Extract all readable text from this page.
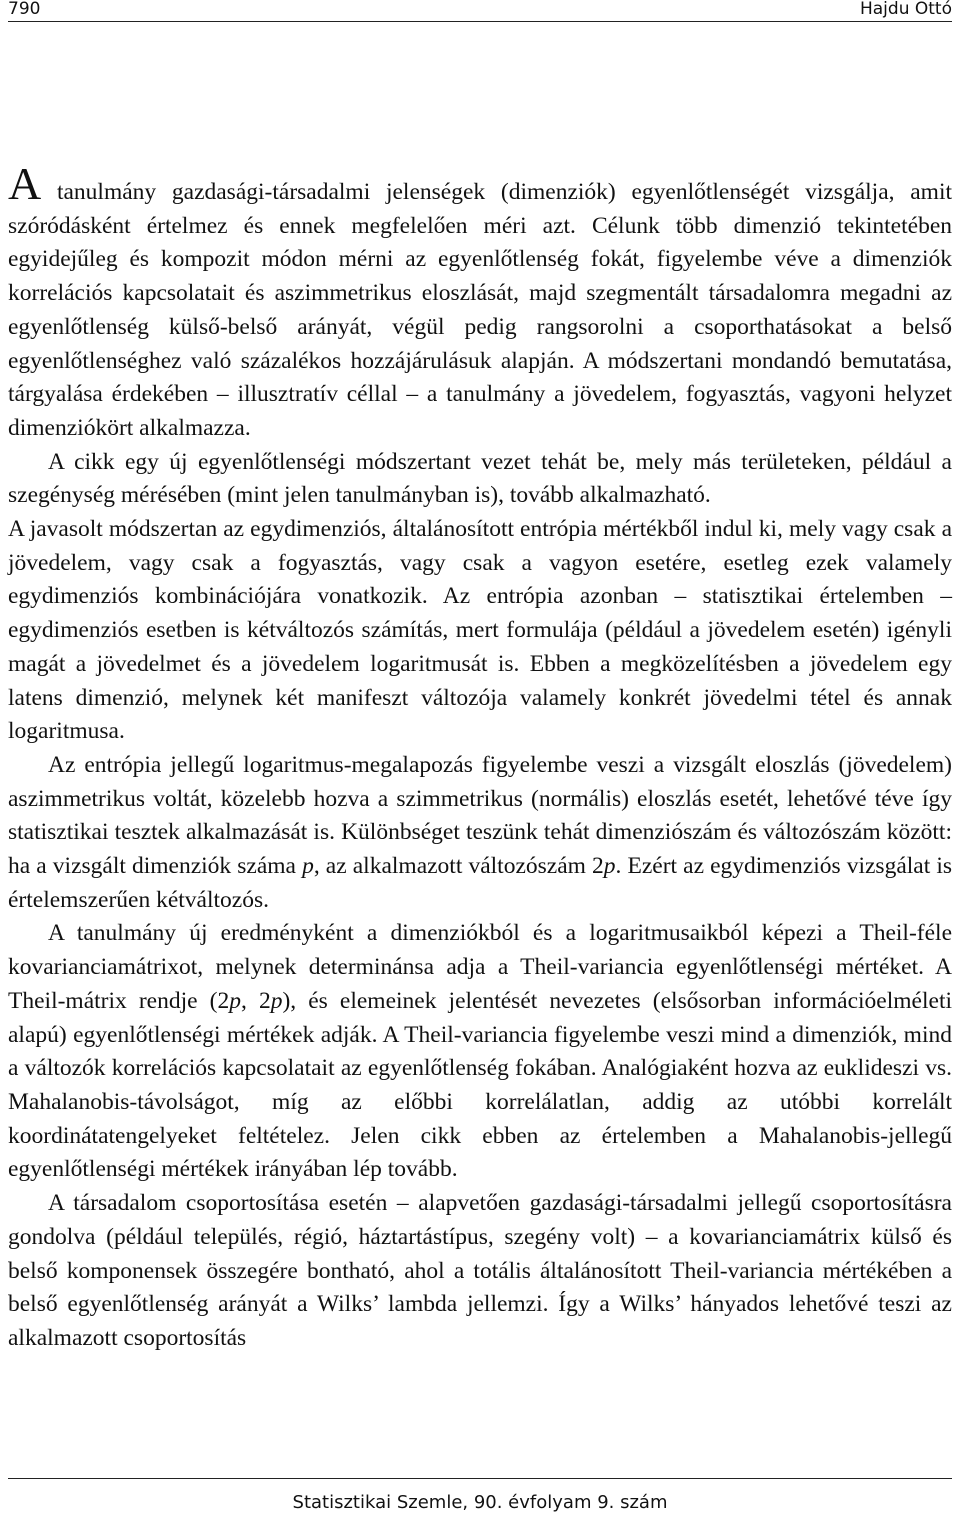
790	Hajdu Ottó

A tanulmány gazdasági-társadalmi jelenségek (dimenziók) egyenlőtlenségét vizsgálja, amit szóródásként értelmez és ennek megfelelően méri azt. Célunk több dimenzió tekintetében egyidejűleg és kompozit módon mérni az egyenlőtlenség fokát, figyelembe véve a dimenziók korrelációs kapcsolatait és aszimmetrikus eloszlását, majd szegmentált társadalomra megadni az egyenlőtlenség külső-belső arányát, végül pedig rangsorolni a csoporthatásokat a belső egyenlőtlenséghez való százalékos hozzájárulásuk alapján. A módszertani mondandó bemutatása, tárgyalása érdekében – illusztratív céllal – a tanulmány a jövedelem, fogyasztás, vagyoni helyzet dimenziókört alkalmazza.

A cikk egy új egyenlőtlenségi módszertant vezet tehát be, mely más területeken, például a szegénység mérésében (mint jelen tanulmányban is), tovább alkalmazható.

A javasolt módszertan az egydimenziós, általánosított entrópia mértékből indul ki, mely vagy csak a jövedelem, vagy csak a fogyasztás, vagy csak a vagyon esetére, esetleg ezek valamely egydimenziós kombinációjára vonatkozik. Az entrópia azonban – statisztikai értelemben – egydimenziós esetben is kétváltozós számítás, mert formulája (például a jövedelem esetén) igényli magát a jövedelmet és a jövedelem logaritmusát is. Ebben a megközelítésben a jövedelem egy latens dimenzió, melynek két manifeszt változója valamely konkrét jövedelmi tétel és annak logaritmusa.

Az entrópia jellegű logaritmus-megalapozás figyelembe veszi a vizsgált eloszlás (jövedelem) aszimmetrikus voltát, közelebb hozva a szimmetrikus (normális) eloszlás esetét, lehetővé téve így statisztikai tesztek alkalmazását is. Különbséget teszünk tehát dimenziószám és változószám között: ha a vizsgált dimenziók száma p, az alkalmazott változószám 2p. Ezért az egydimenziós vizsgálat is értelemszerűen kétváltozós.

A tanulmány új eredményként a dimenziókból és a logaritmusaikból képezi a Theil-féle kovarianciamátrixot, melynek determinánsa adja a Theil-variancia egyenlőtlenségi mértéket. A Theil-mátrix rendje (2p, 2p), és elemeinek jelentését nevezetes (elsősorban információelméleti alapú) egyenlőtlenségi mértékek adják. A Theil-variancia figyelembe veszi mind a dimenziók, mind a változók korrelációs kapcsolatait az egyenlőtlenség fokában. Analógiaként hozva az euklideszi vs. Mahalanobis-távolságot, míg az előbbi korrelálatlan, addig az utóbbi korrelált koordinátatengelyeket feltételez. Jelen cikk ebben az értelemben a Mahalanobis-jellegű egyenlőtlenségi mértékek irányában lép tovább.

A társadalom csoportosítása esetén – alapvetően gazdasági-társadalmi jellegű csoportosításra gondolva (például település, régió, háztartástípus, szegény volt) – a kovarianciamátrix külső és belső komponensek összegére bontható, ahol a totális általánosított Theil-variancia mértékében a belső egyenlőtlenség arányát a Wilks’ lambda jellemzi. Így a Wilks’ hányados lehetővé teszi az alkalmazott csoportosítás

Statisztikai Szemle, 90. évfolyam 9. szám
